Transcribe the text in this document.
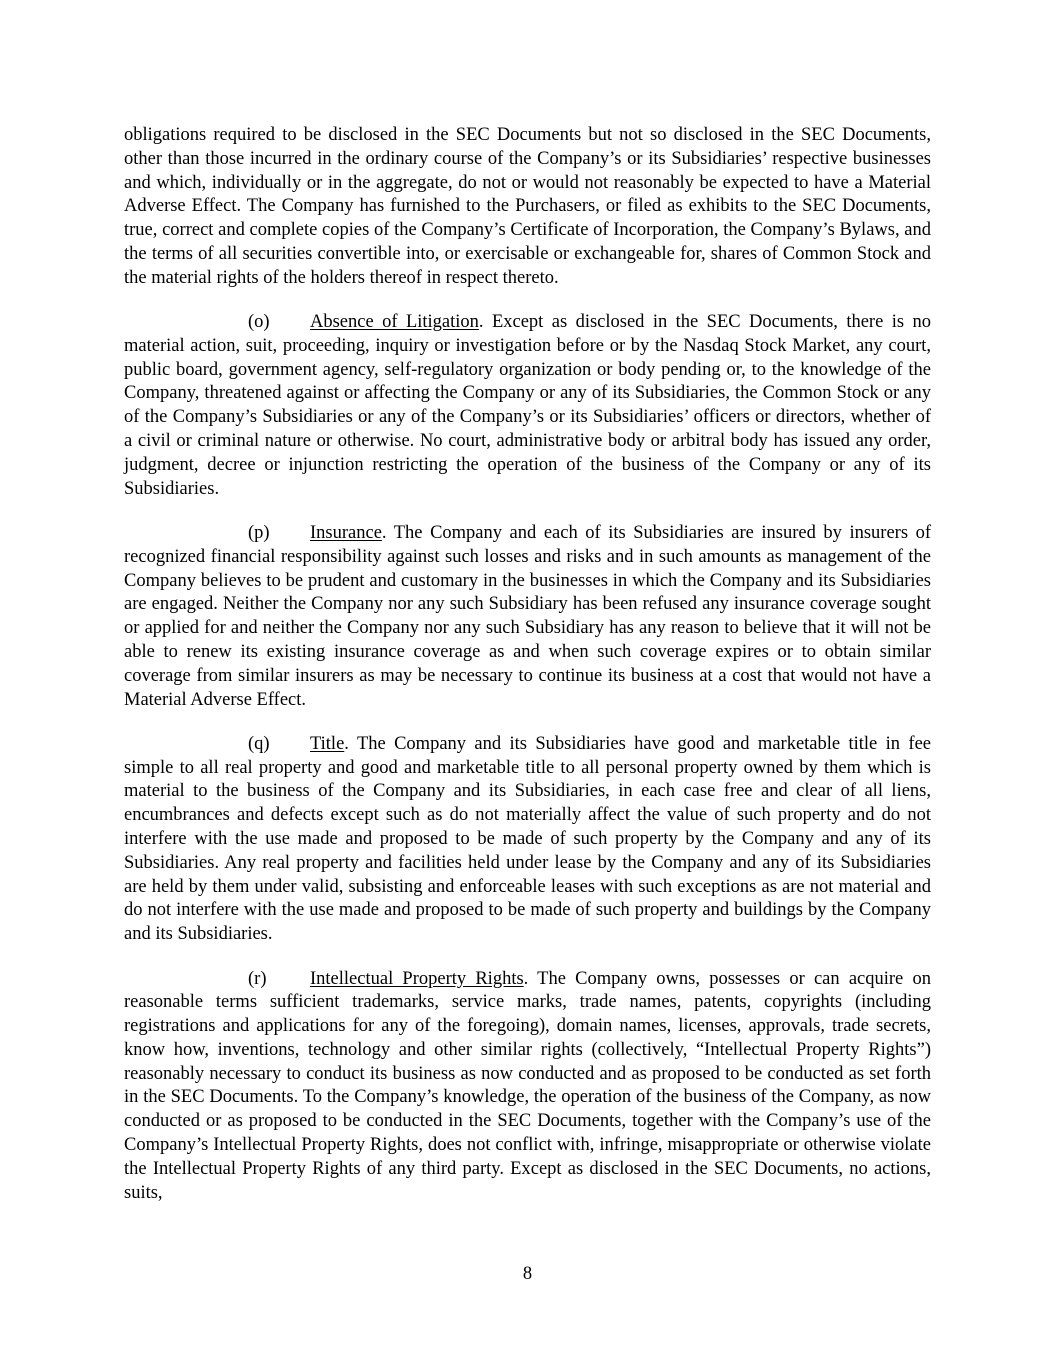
obligations required to be disclosed in the SEC Documents but not so disclosed in the SEC Documents, other than those incurred in the ordinary course of the Company’s or its Subsidiaries’ respective businesses and which, individually or in the aggregate, do not or would not reasonably be expected to have a Material Adverse Effect. The Company has furnished to the Purchasers, or filed as exhibits to the SEC Documents, true, correct and complete copies of the Company’s Certificate of Incorporation, the Company’s Bylaws, and the terms of all securities convertible into, or exercisable or exchangeable for, shares of Common Stock and the material rights of the holders thereof in respect thereto.

(o) Absence of Litigation. Except as disclosed in the SEC Documents, there is no material action, suit, proceeding, inquiry or investigation before or by the Nasdaq Stock Market, any court, public board, government agency, self-regulatory organization or body pending or, to the knowledge of the Company, threatened against or affecting the Company or any of its Subsidiaries, the Common Stock or any of the Company’s Subsidiaries or any of the Company’s or its Subsidiaries’ officers or directors, whether of a civil or criminal nature or otherwise. No court, administrative body or arbitral body has issued any order, judgment, decree or injunction restricting the operation of the business of the Company or any of its Subsidiaries.

(p) Insurance. The Company and each of its Subsidiaries are insured by insurers of recognized financial responsibility against such losses and risks and in such amounts as management of the Company believes to be prudent and customary in the businesses in which the Company and its Subsidiaries are engaged. Neither the Company nor any such Subsidiary has been refused any insurance coverage sought or applied for and neither the Company nor any such Subsidiary has any reason to believe that it will not be able to renew its existing insurance coverage as and when such coverage expires or to obtain similar coverage from similar insurers as may be necessary to continue its business at a cost that would not have a Material Adverse Effect.

(q) Title. The Company and its Subsidiaries have good and marketable title in fee simple to all real property and good and marketable title to all personal property owned by them which is material to the business of the Company and its Subsidiaries, in each case free and clear of all liens, encumbrances and defects except such as do not materially affect the value of such property and do not interfere with the use made and proposed to be made of such property by the Company and any of its Subsidiaries. Any real property and facilities held under lease by the Company and any of its Subsidiaries are held by them under valid, subsisting and enforceable leases with such exceptions as are not material and do not interfere with the use made and proposed to be made of such property and buildings by the Company and its Subsidiaries.

(r) Intellectual Property Rights. The Company owns, possesses or can acquire on reasonable terms sufficient trademarks, service marks, trade names, patents, copyrights (including registrations and applications for any of the foregoing), domain names, licenses, approvals, trade secrets, know how, inventions, technology and other similar rights (collectively, “Intellectual Property Rights”) reasonably necessary to conduct its business as now conducted and as proposed to be conducted as set forth in the SEC Documents. To the Company’s knowledge, the operation of the business of the Company, as now conducted or as proposed to be conducted in the SEC Documents, together with the Company’s use of the Company’s Intellectual Property Rights, does not conflict with, infringe, misappropriate or otherwise violate the Intellectual Property Rights of any third party. Except as disclosed in the SEC Documents, no actions, suits,

8
